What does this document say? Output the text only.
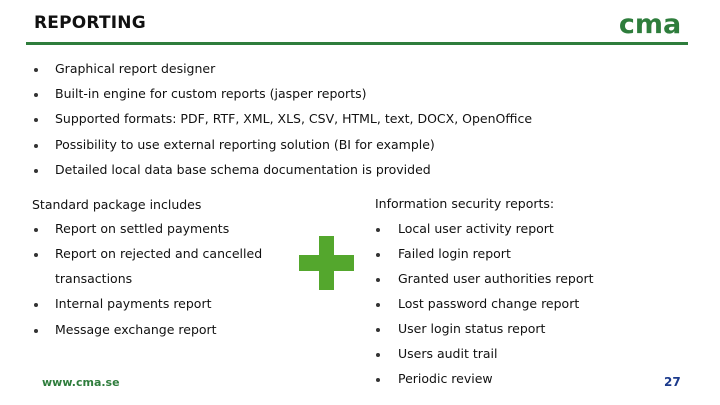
REPORTING	cma
Graphical report designer
Built-in engine for custom reports (jasper reports)
Supported formats: PDF, RTF, XML, XLS, CSV, HTML, text, DOCX, OpenOffice
Possibility to use external reporting solution (BI for example)
Detailed local data base schema documentation is provided
Standard package includes
Report on settled payments
Report on rejected and cancelled
transactions
Internal payments report
Message exchange report
Information security reports:
Local user activity report
Failed login report
Granted user authorities report
Lost password change report
User login status report
Users audit trail
Periodic review
www.cma.se	27
